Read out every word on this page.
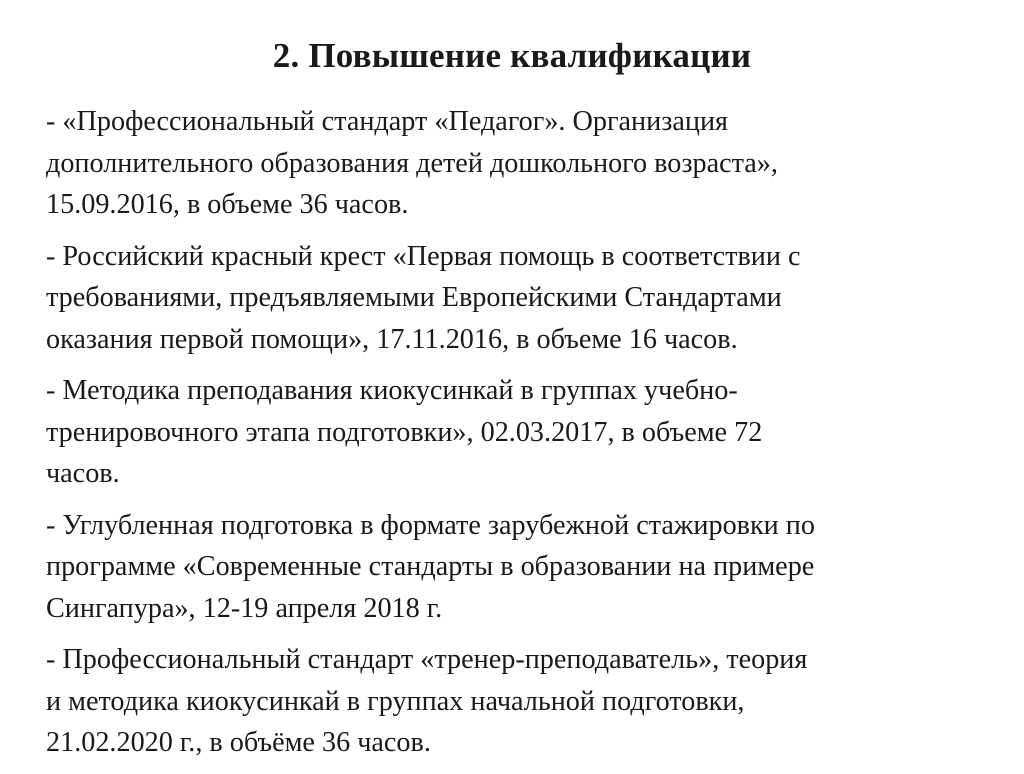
2. Повышение квалификации
- «Профессиональный стандарт «Педагог». Организация
дополнительного образования детей дошкольного возраста»,
15.09.2016, в объеме 36 часов.
- Российский красный крест «Первая помощь в соответствии с
требованиями, предъявляемыми Европейскими Стандартами
оказания первой помощи», 17.11.2016, в объеме 16 часов.
- Методика преподавания киокусинкай в группах учебно-
тренировочного этапа подготовки», 02.03.2017, в объеме 72
часов.
- Углубленная подготовка в формате зарубежной стажировки по
программе «Современные стандарты в образовании на примере
Сингапура», 12-19 апреля 2018 г.
- Профессиональный стандарт «тренер-преподаватель», теория
и методика киокусинкай в группах начальной подготовки,
21.02.2020 г., в объёме 36 часов.
